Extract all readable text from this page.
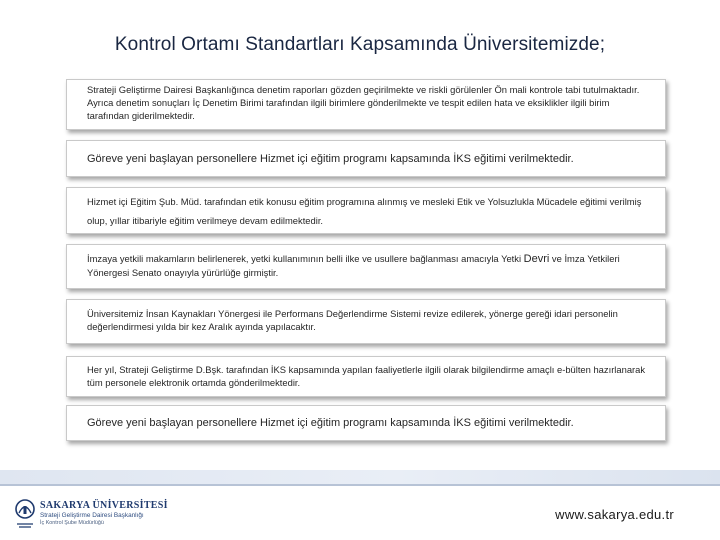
Kontrol Ortamı Standartları Kapsamında Üniversitemizde;

Strateji Geliştirme Dairesi Başkanlığınca denetim raporları gözden geçirilmekte ve riskli görülenler Ön mali kontrole tabi tutulmaktadır. Ayrıca denetim sonuçları İç Denetim Birimi tarafından ilgili birimlere gönderilmekte ve tespit edilen hata ve eksiklikler ilgili birim tarafından giderilmektedir.

Göreve yeni başlayan personellere Hizmet içi eğitim programı kapsamında İKS eğitimi verilmektedir.

Hizmet içi Eğitim Şub. Müd. tarafından etik konusu eğitim programına alınmış ve mesleki Etik ve Yolsuzlukla Mücadele eğitimi verilmiş olup, yıllar itibariyle eğitim verilmeye devam edilmektedir.

İmzaya yetkili makamların belirlenerek, yetki kullanımının belli ilke ve usullere bağlanması amacıyla Yetki Devri ve İmza Yetkileri Yönergesi Senato onayıyla yürürlüğe girmiştir.

Üniversitemiz İnsan Kaynakları Yönergesi ile Performans Değerlendirme Sistemi revize edilerek, yönerge gereği idari personelin değerlendirmesi yılda bir kez Aralık ayında yapılacaktır.

Her yıl, Strateji Geliştirme D.Bşk. tarafından İKS kapsamında yapılan faaliyetlerle ilgili olarak bilgilendirme amaçlı e-bülten hazırlanarak tüm personele elektronik ortamda gönderilmektedir.

Göreve yeni başlayan personellere Hizmet içi eğitim programı kapsamında İKS eğitimi verilmektedir.

SAKARYA ÜNİVERSİTESİ
Strateji Geliştirme Dairesi Başkanlığı
İç Kontrol Şube Müdürlüğü
www.sakarya.edu.tr
